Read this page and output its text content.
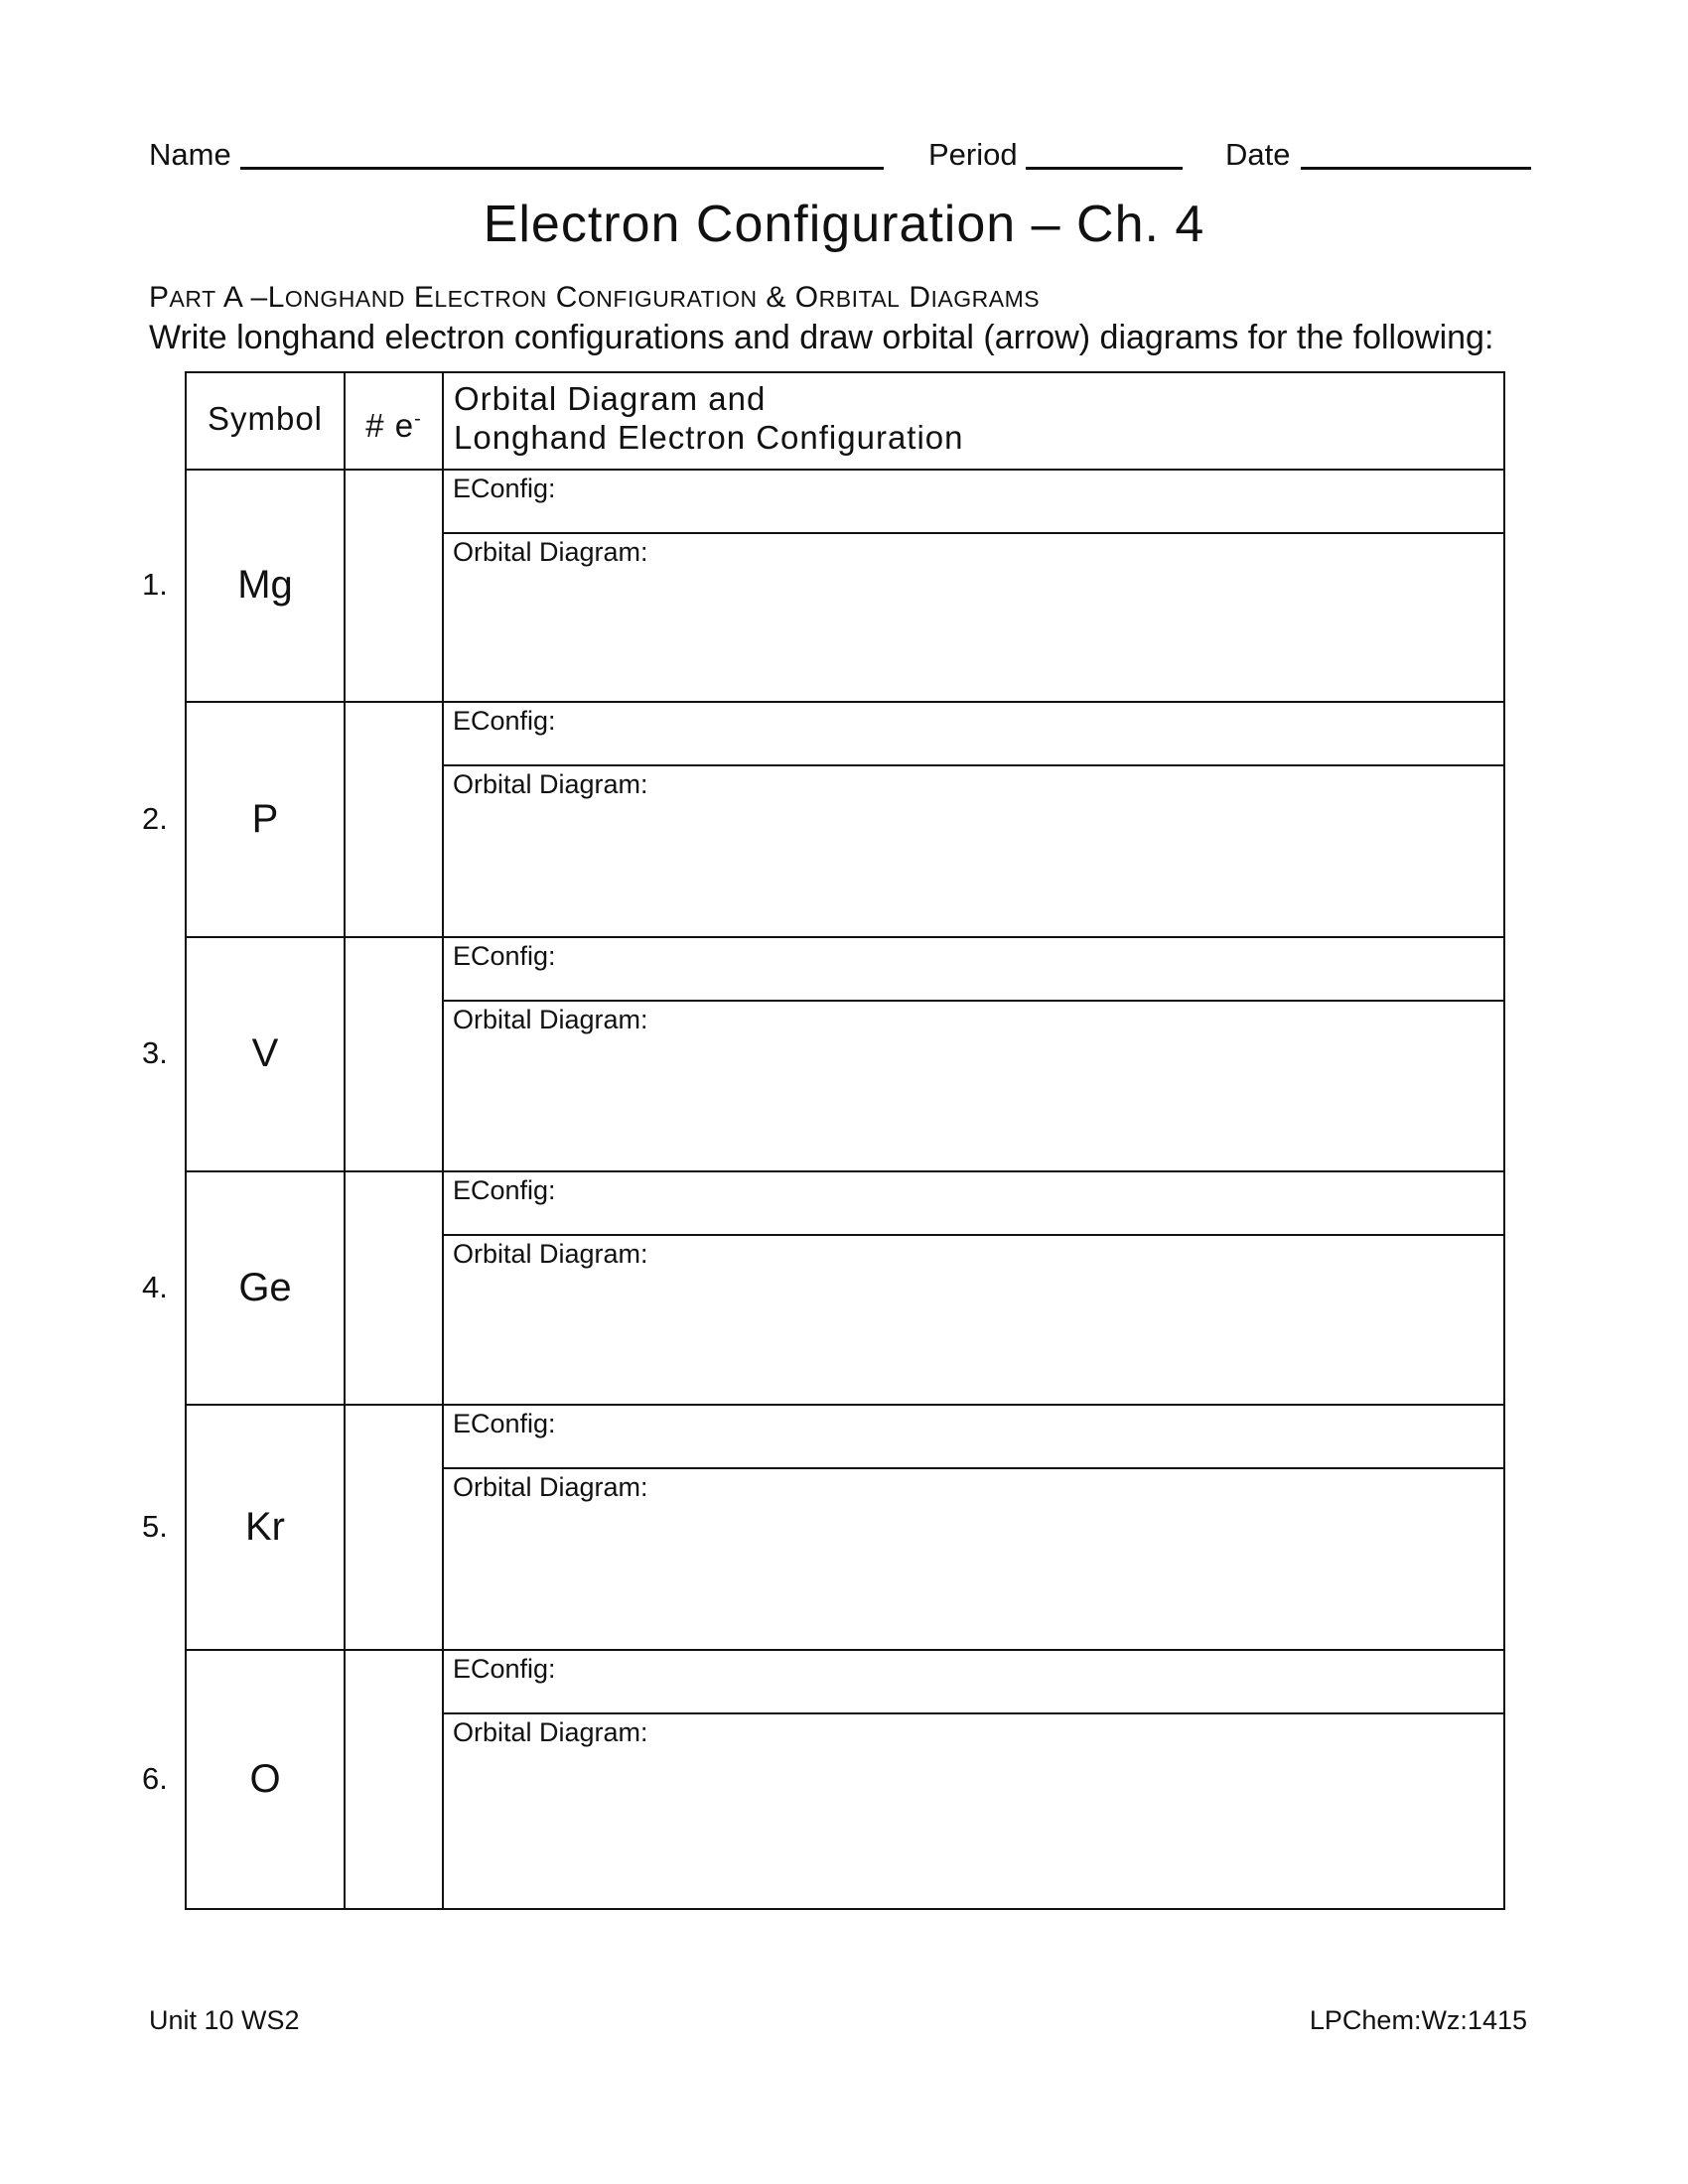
Name	Period	Date
Electron Configuration – Ch. 4
PART A –LONGHAND ELECTRON CONFIGURATION & ORBITAL DIAGRAMS
Write longhand electron configurations and draw orbital (arrow) diagrams for the following:
Symbol	# e-
Orbital Diagram and
Longhand Electron Configuration
1.	Mg
EConfig:
Orbital Diagram:
2.	P
EConfig:
Orbital Diagram:
3.	V
EConfig:
Orbital Diagram:
4.	Ge
EConfig:
Orbital Diagram:
5.	Kr
EConfig:
Orbital Diagram:
6.	O
EConfig:
Orbital Diagram:
Unit 10 WS2	LPChem:Wz:1415
